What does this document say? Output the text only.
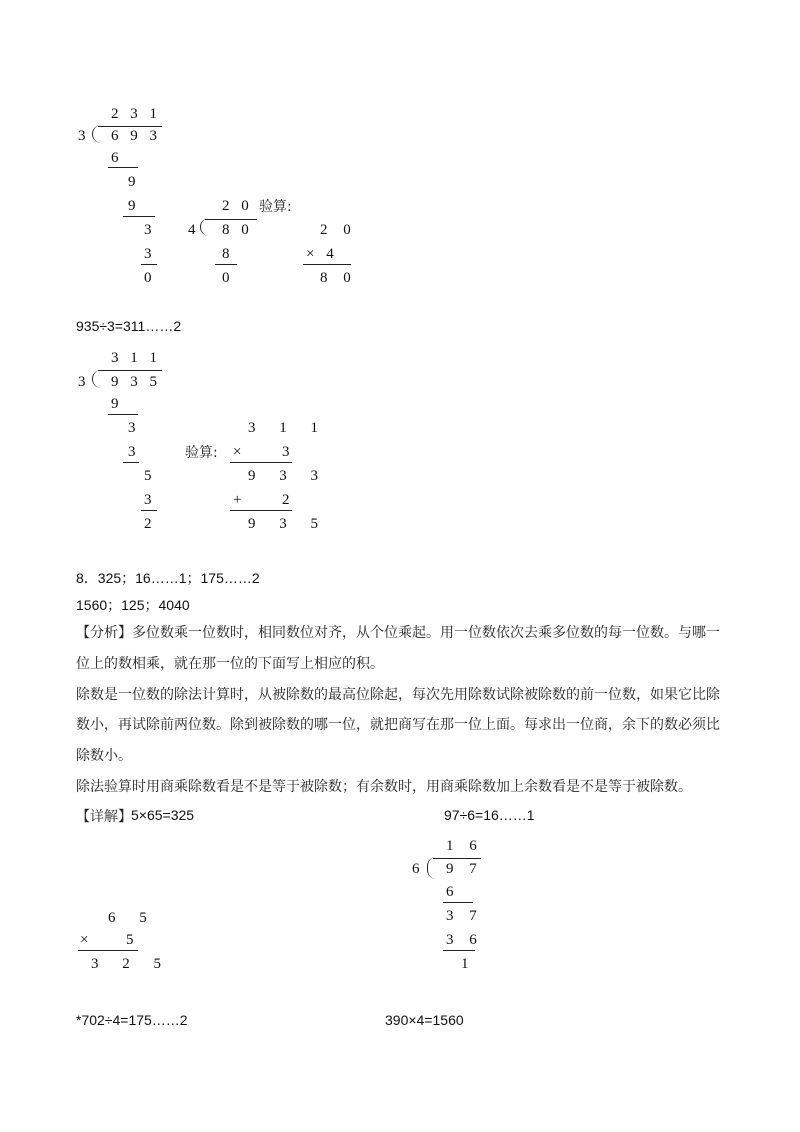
2 3 1
3 6 9 3
6
9
9
3
3
0
2 0 验算:
4 8 0
8
0
2 0
× 4
8 0
935÷3=311……2
3 1 1
3 9 3 5
9
3
3
5
3
2
验算:
3 1 1
×	3
9 3 3
+	2
9 3 5
8．325；16……1；175……2
1560；125；4040
【分析】多位数乘一位数时，相同数位对齐，从个位乘起。用一位数依次去乘多位数的每一位数。与哪一
位上的数相乘，就在那一位的下面写上相应的积。
除数是一位数的除法计算时，从被除数的最高位除起，每次先用除数试除被除数的前一位数，如果它比除
数小，再试除前两位数。除到被除数的哪一位，就把商写在那一位上面。每求出一位商，余下的数必须比
除数小。
除法验算时用商乘除数看是不是等于被除数；有余数时，用商乘除数加上余数看是不是等于被除数。
【详解】 5×65=325	97÷6=16……1
6 5
×	5
3 2 5
1 6
6 9 7
6
3 7
3 6
1
*702÷4=175……2	390×4=1560
